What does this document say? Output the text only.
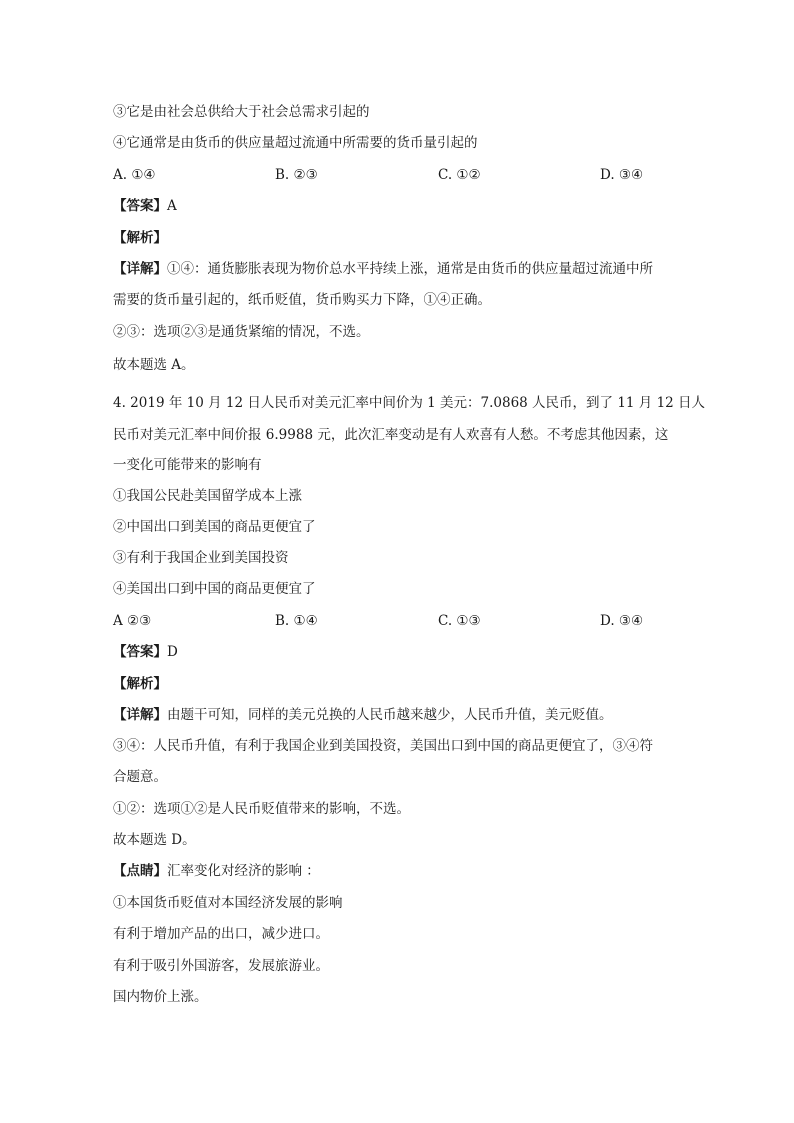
③它是由社会总供给大于社会总需求引起的
④它通常是由货币的供应量超过流通中所需要的货币量引起的
A. ①④	B. ②③	C. ①②	D. ③④
【答案】A
【解析】
【详解】①④：通货膨胀表现为物价总水平持续上涨，通常是由货币的供应量超过流通中所
需要的货币量引起的，纸币贬值，货币购买力下降，①④正确。
②③：选项②③是通货紧缩的情况，不选。
故本题选 A。
4. 2019 年 10 月 12 日人民币对美元汇率中间价为 1 美元：7.0868 人民币，到了 11 月 12 日人
民币对美元汇率中间价报 6.9988 元，此次汇率变动是有人欢喜有人愁。不考虑其他因素，这
一变化可能带来的影响有
①我国公民赴美国留学成本上涨
②中国出口到美国的商品更便宜了
③有利于我国企业到美国投资
④美国出口到中国的商品更便宜了
A ②③	B. ①④	C. ①③	D. ③④
【答案】D
【解析】
【详解】由题干可知，同样的美元兑换的人民币越来越少，人民币升值，美元贬值。
③④：人民币升值，有利于我国企业到美国投资，美国出口到中国的商品更便宜了，③④符
合题意。
①②：选项①②是人民币贬值带来的影响，不选。
故本题选 D。
【点睛】汇率变化对经济的影响 ：
①本国货币贬值对本国经济发展的影响
有利于增加产品的出口，减少进口。
有利于吸引外国游客，发展旅游业。
国内物价上涨。
